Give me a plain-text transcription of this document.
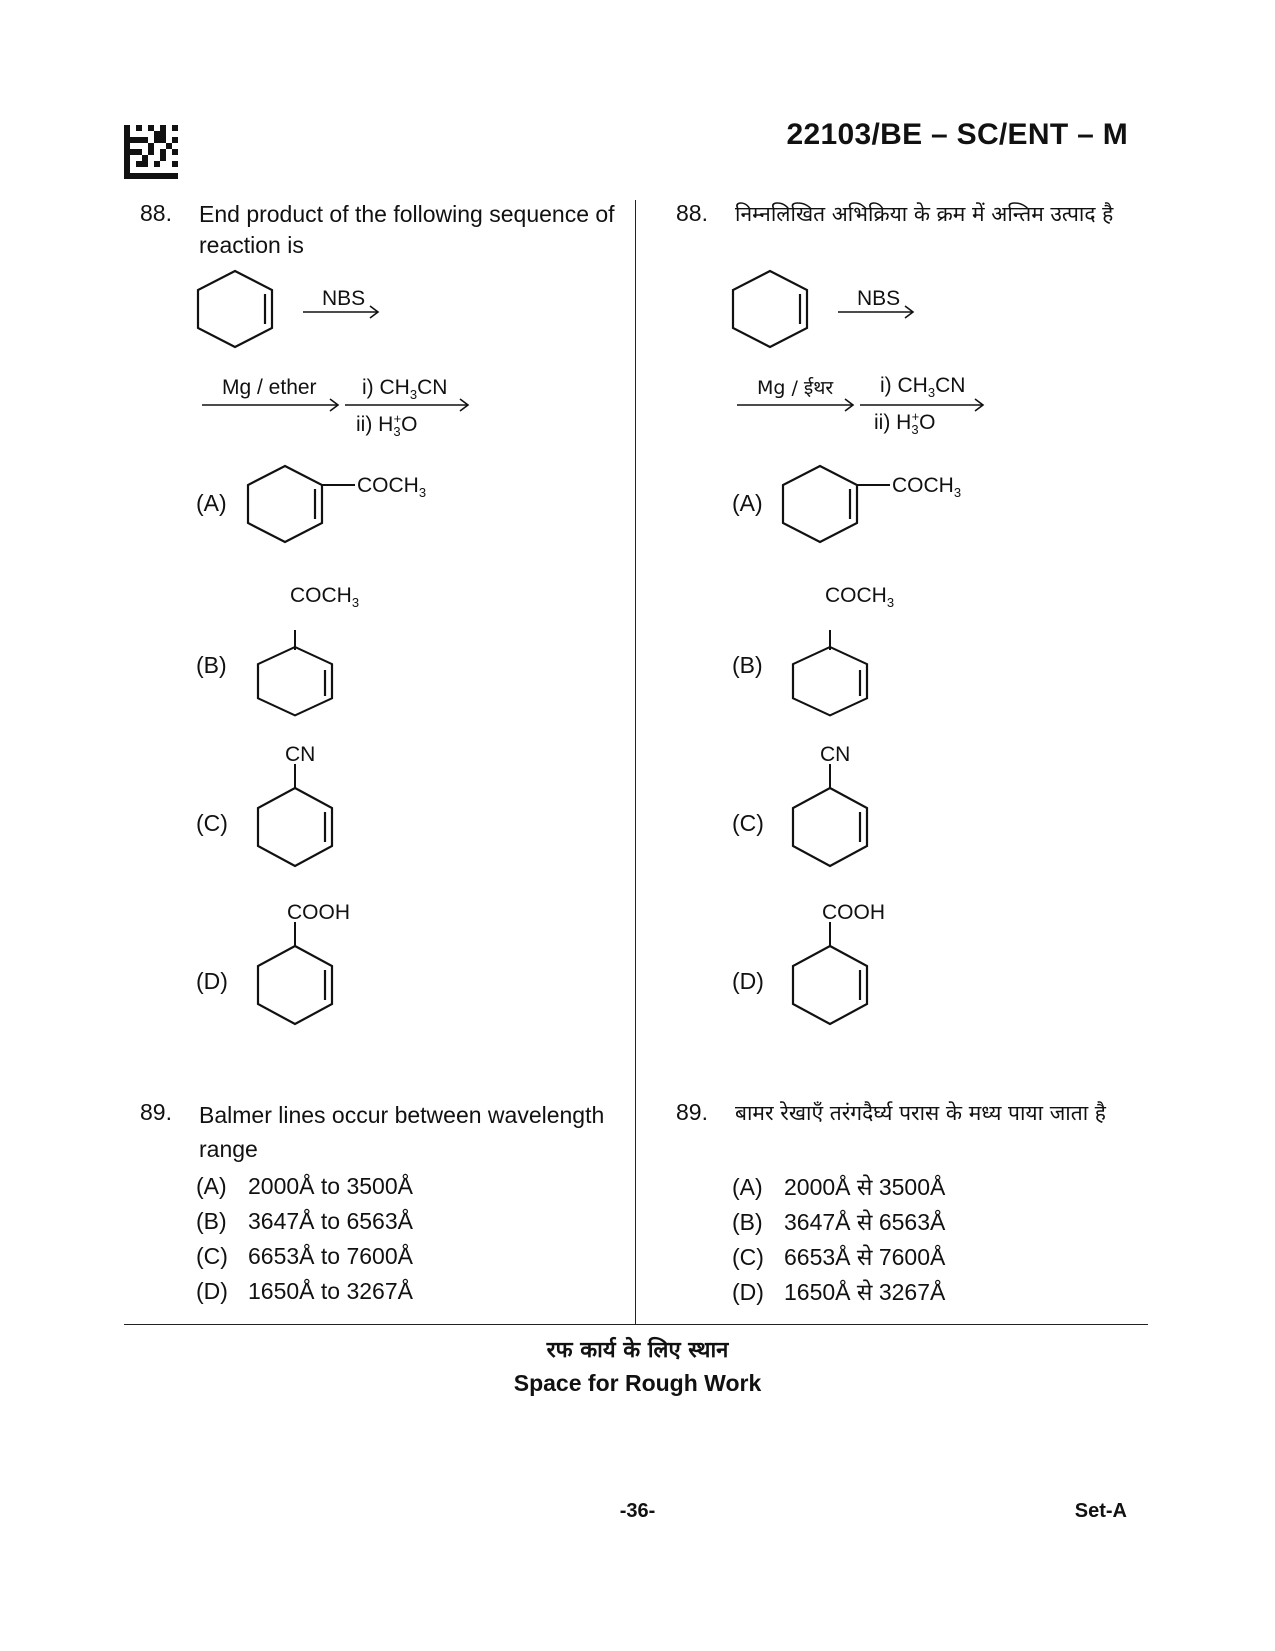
22103/BE – SC/ENT – M
88. End product of the following sequence of reaction is
NBS
Mg / ether i) $CH_3CN$
ii) $H_3^+O$
(A)
$COCH_3$
(B)
$COCH_3$
(C)
CN
(D)
COOH
89. Balmer lines occur between wavelength range
(A) 2000Å to 3500Å
(B) 3647Å to 6563Å
(C) 6653Å to 7600Å
(D) 1650Å to 3267Å
88. निम्नलिखित अभिक्रिया के क्रम में अन्तिम उत्पाद है
NBS
Mg / ईथर i) $CH_3CN$
ii) $H_3^+O$
(A)
$COCH_3$
(B)
$COCH_3$
(C)
CN
(D)
COOH
89. बामर रेखाएँ तरंगदैर्घ्य परास के मध्य पाया जाता है
(A) 2000Å से 3500Å
(B) 3647Å से 6563Å
(C) 6653Å से 7600Å
(D) 1650Å से 3267Å
रफ कार्य के लिए स्थान
Space for Rough Work
-36-	Set-A
